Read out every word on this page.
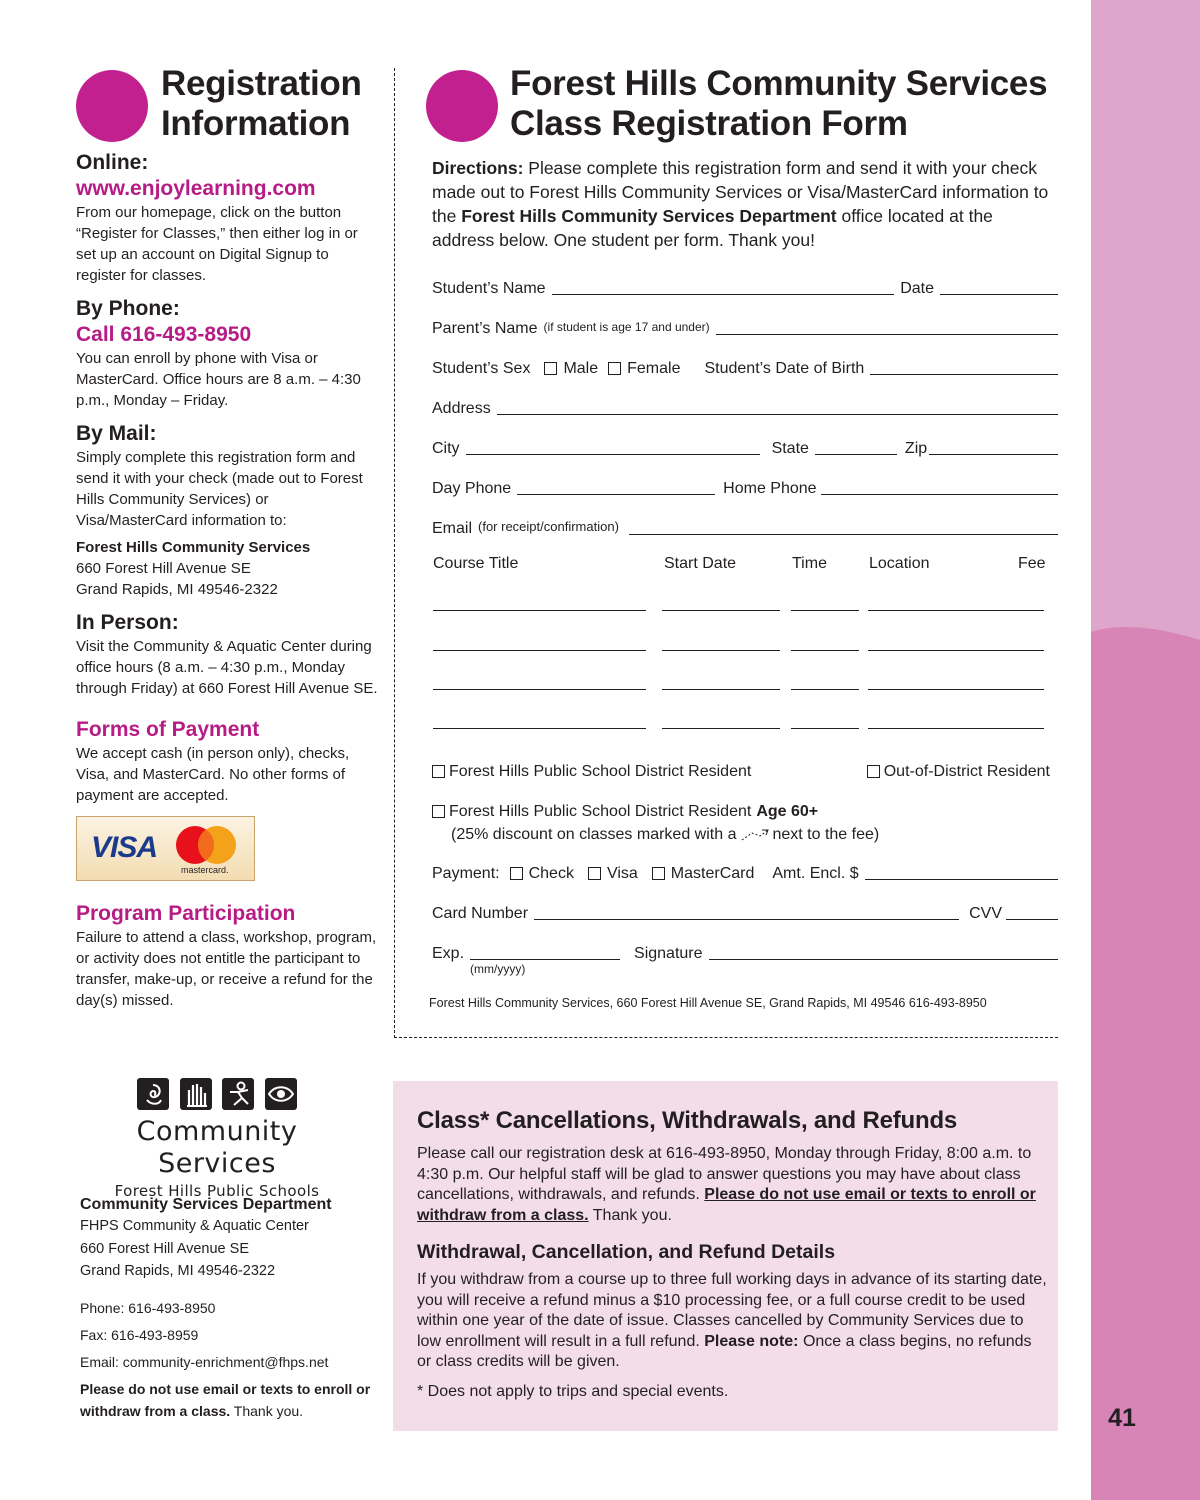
41
Registration
Information
Online:
www.enjoylearning.com
From our homepage, click on the button “Register for Classes,” then either log in or set up an account on Digital Signup to register for classes.
By Phone:
Call 616-493-8950
You can enroll by phone with Visa or MasterCard. Office hours are 8 a.m. – 4:30 p.m., Monday – Friday.
By Mail:
Simply complete this registration form and send it with your check (made out to Forest Hills Community Services) or Visa/MasterCard information to:
Forest Hills Community Services
660 Forest Hill Avenue SE
Grand Rapids, MI 49546-2322
In Person:
Visit the Community & Aquatic Center during office hours (8 a.m. – 4:30 p.m., Monday through Friday) at 660 Forest Hill Avenue SE.
Forms of Payment
We accept cash (in person only), checks, Visa, and MasterCard. No other forms of payment are accepted.
VISA
mastercard.
Program Participation
Failure to attend a class, workshop, program, or activity does not entitle the participant to transfer, make-up, or receive a refund for the day(s) missed.
Forest Hills Community Services
Class Registration Form
Directions: Please complete this registration form and send it with your check made out to Forest Hills Community Services or Visa/MasterCard information to the Forest Hills Community Services Department office located at the address below. One student per form. Thank you!
Student’s Name	Date
Parent’s Name (if student is age 17 and under)
Student’s Sex Male Female Student’s Date of Birth
Address
City	State	Zip
Day Phone	Home Phone
Email (for receipt/confirmation)
Course Title	Start Date	Time	Location	Fee
Forest Hills Public School District Resident	Out-of-District Resident
Forest Hills Public School District Resident Age 60+
(25% discount on classes marked with a next to the fee)
Payment: Check Visa MasterCard Amt. Encl. $
Card Number	CVV
Exp.	Signature
(mm/yyyy)
Forest Hills Community Services, 660 Forest Hill Avenue SE, Grand Rapids, MI 49546 616-493-8950
Class* Cancellations, Withdrawals, and Refunds
Please call our registration desk at 616-493-8950, Monday through Friday, 8:00 a.m. to 4:30 p.m. Our helpful staff will be glad to answer questions you may have about class cancellations, withdrawals, and refunds. Please do not use email or texts to enroll or withdraw from a class. Thank you.
Withdrawal, Cancellation, and Refund Details
If you withdraw from a course up to three full working days in advance of its starting date, you will receive a refund minus a $10 processing fee, or a full course credit to be used within one year of the date of issue. Classes cancelled by Community Services due to low enrollment will result in a full refund. Please note: Once a class begins, no refunds or class credits will be given.
* Does not apply to trips and special events.

Community Services
Forest Hills Public Schools
Community Services Department
FHPS Community & Aquatic Center
660 Forest Hill Avenue SE
Grand Rapids, MI 49546-2322
Phone: 616-493-8950
Fax: 616-493-8959
Email: community-enrichment@fhps.net
Please do not use email or texts to enroll or withdraw from a class. Thank you.
